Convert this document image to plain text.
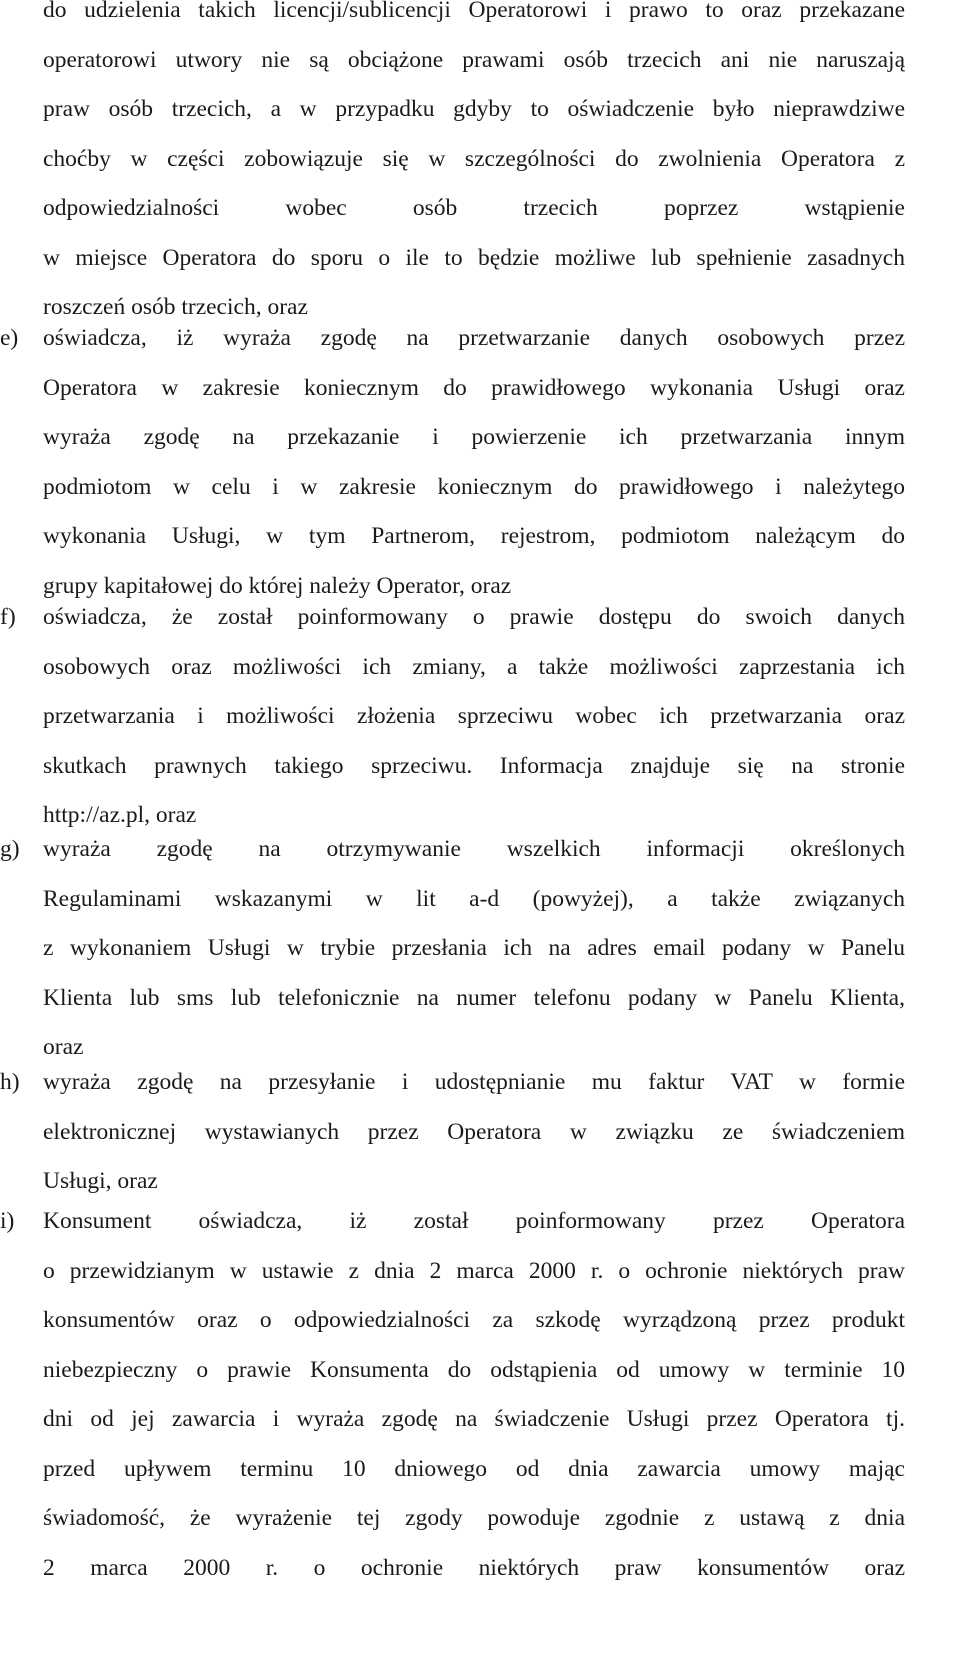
do udzielenia takich licencji/sublicencji Operatorowi i prawo to oraz przekazane
operatorowi utwory nie są obciążone prawami osób trzecich ani nie naruszają
praw osób trzecich, a w przypadku gdyby to oświadczenie było nieprawdziwe
choćby w części zobowiązuje się w szczególności do zwolnienia Operatora z
odpowiedzialności wobec osób trzecich poprzez wstąpienie
w miejsce Operatora do sporu o ile to będzie możliwe lub spełnienie zasadnych
roszczeń osób trzecich, oraz
e)	oświadcza, iż wyraża zgodę na przetwarzanie danych osobowych przez
Operatora w zakresie koniecznym do prawidłowego wykonania Usługi oraz
wyraża zgodę na przekazanie i powierzenie ich przetwarzania innym
podmiotom w celu i w zakresie koniecznym do prawidłowego i należytego
wykonania Usługi, w tym Partnerom, rejestrom, podmiotom należącym do
grupy kapitałowej do której należy Operator, oraz
f)	oświadcza, że został poinformowany o prawie dostępu do swoich danych
osobowych oraz możliwości ich zmiany, a także możliwości zaprzestania ich
przetwarzania i możliwości złożenia sprzeciwu wobec ich przetwarzania oraz
skutkach prawnych takiego sprzeciwu. Informacja znajduje się na stronie
http://az.pl, oraz
g) wyraża zgodę na otrzymywanie wszelkich informacji określonych
Regulaminami wskazanymi w lit a-d (powyżej), a także związanych
z wykonaniem Usługi w trybie przesłania ich na adres email podany w Panelu
Klienta lub sms lub telefonicznie na numer telefonu podany w Panelu Klienta,
oraz
h) wyraża zgodę na przesyłanie i udostępnianie mu faktur VAT w formie
elektronicznej wystawianych przez Operatora w związku ze świadczeniem
Usługi, oraz
i)	Konsument oświadcza, iż został poinformowany przez Operatora
o przewidzianym w ustawie z dnia 2 marca 2000 r. o ochronie niektórych praw
konsumentów oraz o odpowiedzialności za szkodę wyrządzoną przez produkt
niebezpieczny o prawie Konsumenta do odstąpienia od umowy w terminie 10
dni od jej zawarcia i wyraża zgodę na świadczenie Usługi przez Operatora tj.
przed upływem terminu 10 dniowego od dnia zawarcia umowy mając
świadomość, że wyrażenie tej zgody powoduje zgodnie z ustawą z dnia
2 marca 2000 r. o ochronie niektórych praw konsumentów oraz
